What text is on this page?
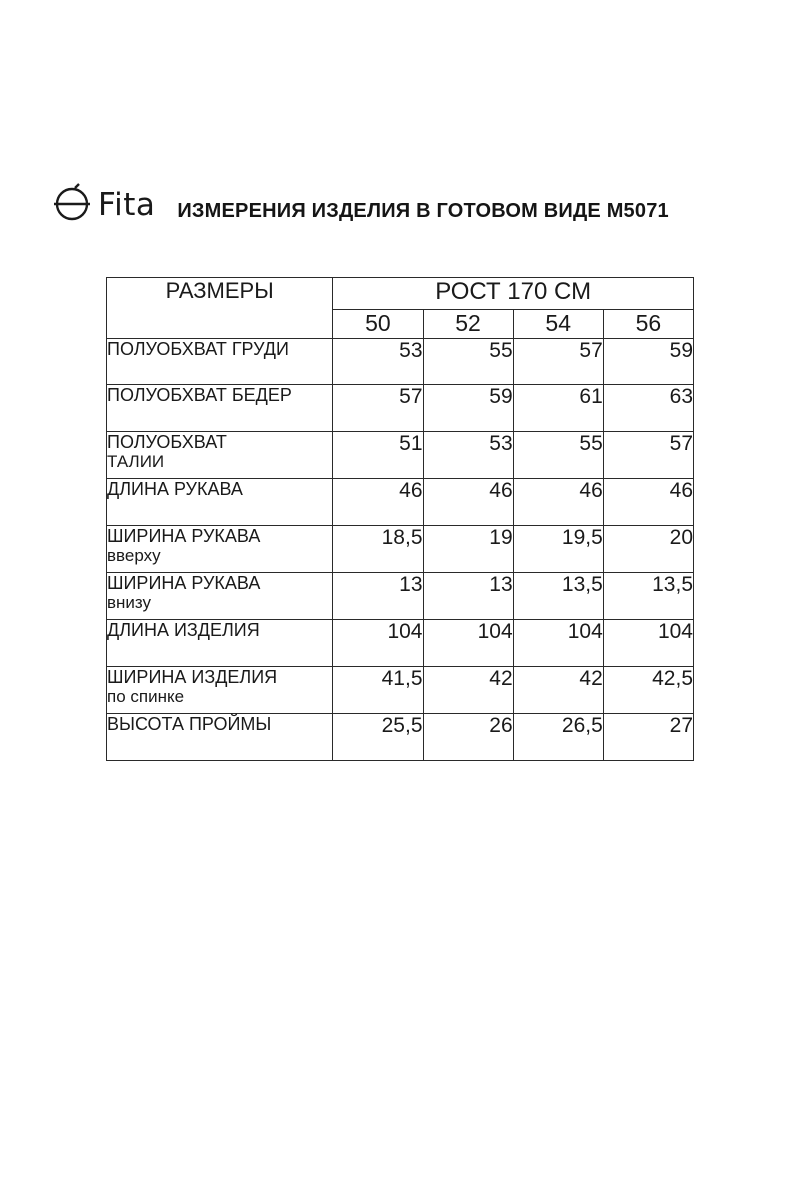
Fita ИЗМЕРЕНИЯ ИЗДЕЛИЯ В ГОТОВОМ ВИДЕ М5071
РАЗМЕРЫ	РОСТ 170 СМ			
	50	52	54	56
ПОЛУОБХВАТ ГРУДИ	53	55	57	59
ПОЛУОБХВАТ БЕДЕР	57	59	61	63
ПОЛУОБХВАТ
ТАЛИИ	51	53	55	57
ДЛИНА РУКАВА	46	46	46	46
ШИРИНА РУКАВА
вверху	18,5	19	19,5	20
ШИРИНА РУКАВА
внизу	13	13	13,5	13,5
ДЛИНА ИЗДЕЛИЯ	104	104	104	104
ШИРИНА ИЗДЕЛИЯ
по спинке	41,5	42	42	42,5
ВЫСОТА ПРОЙМЫ	25,5	26	26,5	27
